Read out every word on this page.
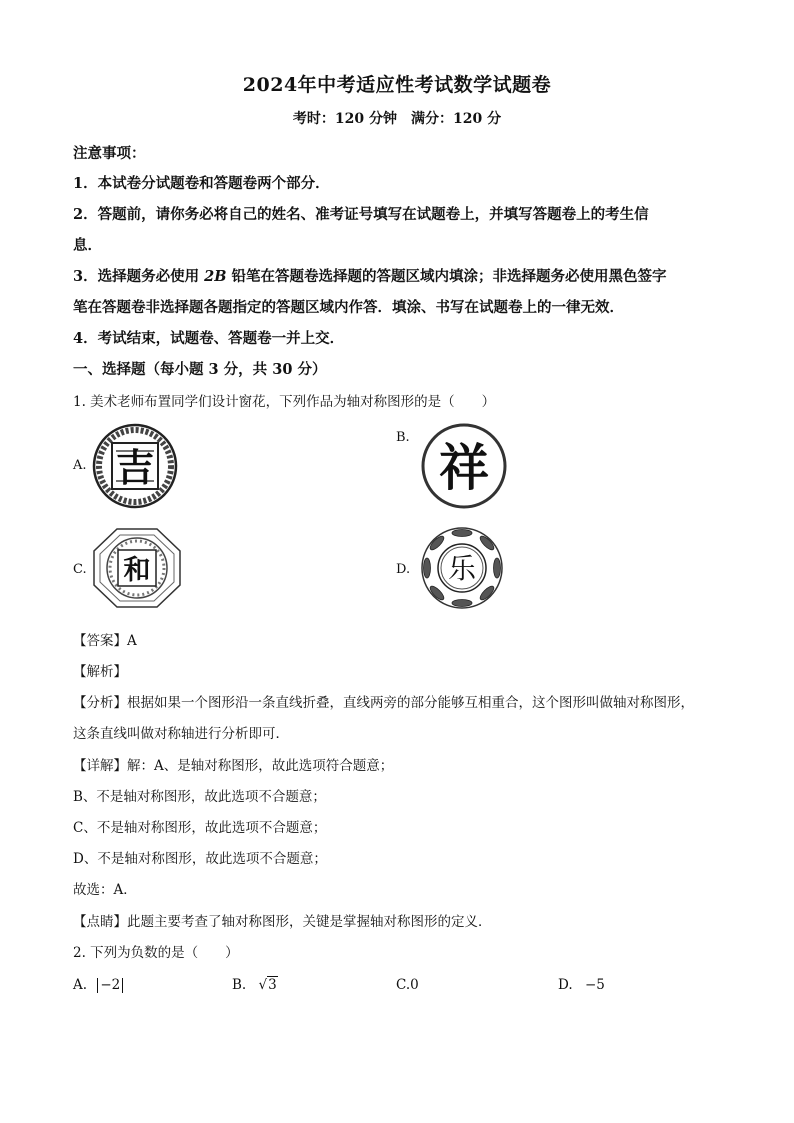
2024年中考适应性考试数学试题卷
考时：120 分钟　满分：120 分
注意事项：
1．本试卷分试题卷和答题卷两个部分．
2．答题前，请你务必将自己的姓名、准考证号填写在试题卷上，并填写答题卷上的考生信
息．
3．选择题务必使用 2B 铅笔在答题卷选择题的答题区域内填涂；非选择题务必使用黑色签字
笔在答题卷非选择题各题指定的答题区域内作答．填涂、书写在试题卷上的一律无效．
4．考试结束，试题卷、答题卷一并上交．
一、选择题（每小题 3 分，共 30 分）
1. 美术老师布置同学们设计窗花，下列作品为轴对称图形的是（　　）
A. 吉
B.
祥
C. 和	D. 乐
【答案】A
【解析】
【分析】根据如果一个图形沿一条直线折叠，直线两旁的部分能够互相重合，这个图形叫做轴对称图形，
这条直线叫做对称轴进行分析即可．
【详解】解：A、是轴对称图形，故此选项符合题意；
B、不是轴对称图形，故此选项不合题意；
C、不是轴对称图形，故此选项不合题意；
D、不是轴对称图形，故此选项不合题意；
故选：A．
【点睛】此题主要考查了轴对称图形，关键是掌握轴对称图形的定义．
2. 下列为负数的是（　　）
A. −2	B. √3	C.0	D. −5
